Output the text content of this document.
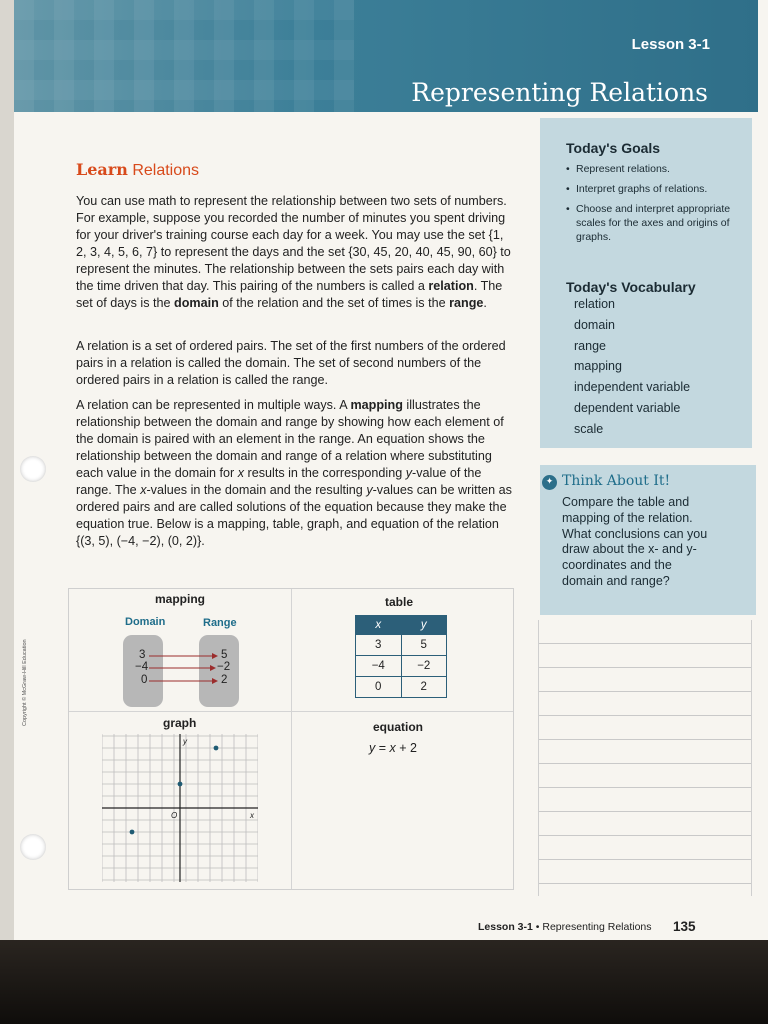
Lesson 3-1
Representing Relations
Learn Relations

You can use math to represent the relationship between two sets of numbers. For example, suppose you recorded the number of minutes you spent driving for your driver's training course each day for a week. You may use the set {1, 2, 3, 4, 5, 6, 7} to represent the days and the set {30, 45, 20, 40, 45, 90, 60} to represent the minutes. The relationship between the sets pairs each day with the time driven that day. This pairing of the numbers is called a relation. The set of days is the domain of the relation and the set of times is the range.

A relation is a set of ordered pairs. The set of the first numbers of the ordered pairs in a relation is called the domain. The set of second numbers of the ordered pairs in a relation is called the range.

A relation can be represented in multiple ways. A mapping illustrates the relationship between the domain and range by showing how each element of the domain is paired with an element in the range. An equation shows the relationship between the domain and range of a relation where substituting each value in the domain for x results in the corresponding y-value of the range. The x-values in the domain and the resulting y-values can be written as ordered pairs and are called solutions of the equation because they make the equation true. Below is a mapping, table, graph, and equation of the relation {(3, 5), (−4, −2), (0, 2)}.

mapping
Domain	Range
3
−4
0
5
−2
2
table
x	y
3	5
−4	−2
0	2
graph
y
x
O
equation
y = x + 2
Today's Goals
• Represent relations.
• Interpret graphs of relations.
• Choose and interpret appropriate scales for the axes and origins of graphs.
Today's Vocabulary
relation
domain
range
mapping
independent variable
dependent variable
scale
✦ Think About It!
Compare the table and mapping of the relation. What conclusions can you draw about the x- and y-coordinates and the domain and range?
Copyright © McGraw-Hill Education
Lesson 3-1 • Representing Relations 135
